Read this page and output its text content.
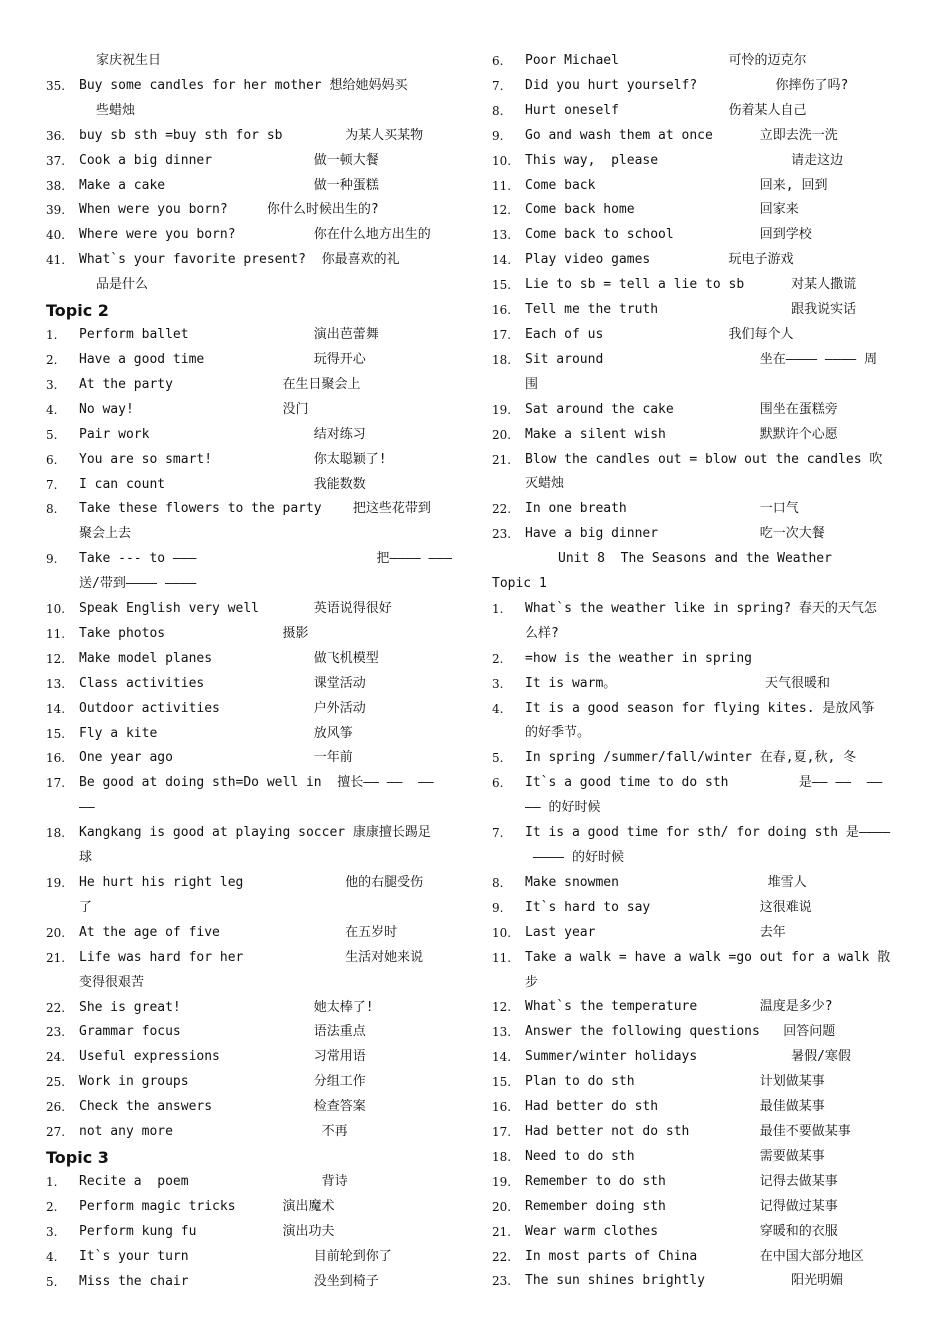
家庆祝生日
35.	Buy some candles for her mother 想给她妈妈买
些蜡烛
36.	buy sb sth =buy sth for sb        为某人买某物
37.	Cook a big dinner             做一顿大餐
38.	Make a cake                   做一种蛋糕
39.	When were you born?     你什么时候出生的?
40.	Where were you born?          你在什么地方出生的
41.	What`s your favorite present?  你最喜欢的礼
品是什么
Topic 2
1.	Perform ballet                演出芭蕾舞
2.	Have a good time              玩得开心
3.	At the party              在生日聚会上
4.	No way!                   没门
5.	Pair work                     结对练习
6.	You are so smart!             你太聪颖了!
7.	I can count                   我能数数
8.	Take these flowers to the party    把这些花带到
聚会上去
9.	Take --- to ———                       把———— ———
送/带到———— ————
10.	Speak English very well       英语说得很好
11.	Take photos               摄影
12.	Make model planes             做飞机模型
13.	Class activities              课堂活动
14.	Outdoor activities            户外活动
15.	Fly a kite                    放风筝
16.	One year ago                  一年前
17.	Be good at doing sth=Do well in  擅长—— ——  ——
——
18.	Kangkang is good at playing soccer 康康擅长踢足
球
19.	He hurt his right leg             他的右腿受伤
了
20.	At the age of five                在五岁时
21.	Life was hard for her             生活对她来说
变得很艰苦
22.	She is great!                 她太棒了!
23.	Grammar focus                 语法重点
24.	Useful expressions            习常用语
25.	Work in groups                分组工作
26.	Check the answers             检查答案
27.	not any more                   不再
Topic 3
1.	Recite a  poem                 背诗
2.	Perform magic tricks      演出魔术
3.	Perform kung fu           演出功夫
4.	It`s your turn                目前轮到你了
5.	Miss the chair                没坐到椅子
6.	Poor Michael              可怜的迈克尔
7.	Did you hurt yourself?          你摔伤了吗?
8.	Hurt oneself              伤着某人自己
9.	Go and wash them at once      立即去洗一洗
10.	This way,  please                 请走这边
11.	Come back                     回来, 回到
12.	Come back home                回家来
13.	Come back to school           回到学校
14.	Play video games          玩电子游戏
15.	Lie to sb = tell a lie to sb      对某人撒谎
16.	Tell me the truth                 跟我说实话
17.	Each of us                我们每个人
18.	Sit around                    坐在———— ———— 周
围
19.	Sat around the cake           围坐在蛋糕旁
20.	Make a silent wish            默默许个心愿
21.	Blow the candles out = blow out the candles 吹
灭蜡烛
22.	In one breath                 一口气
23.	Have a big dinner             吃一次大餐
Unit 8  The Seasons and the Weather
Topic 1
1.	What`s the weather like in spring? 春天的天气怎
么样?
2.	=how is the weather in spring
3.	It is warm。                   天气很暖和
4.	It is a good season for flying kites. 是放风筝
的好季节。
5.	In spring /summer/fall/winter 在春,夏,秋, 冬
6.	It`s a good time to do sth         是—— ——  ——
—— 的好时候
7.	It is a good time for sth/ for doing sth 是————
———— 的好时候
8.	Make snowmen                   堆雪人
9.	It`s hard to say              这很难说
10.	Last year                     去年
11.	Take a walk = have a walk =go out for a walk 散
步
12.	What`s the temperature        温度是多少?
13.	Answer the following questions   回答问题
14.	Summer/winter holidays            暑假/寒假
15.	Plan to do sth                计划做某事
16.	Had better do sth             最佳做某事
17.	Had better not do sth         最佳不要做某事
18.	Need to do sth                需要做某事
19.	Remember to do sth            记得去做某事
20.	Remember doing sth            记得做过某事
21.	Wear warm clothes             穿暖和的衣服
22.	In most parts of China        在中国大部分地区
23.	The sun shines brightly           阳光明媚
